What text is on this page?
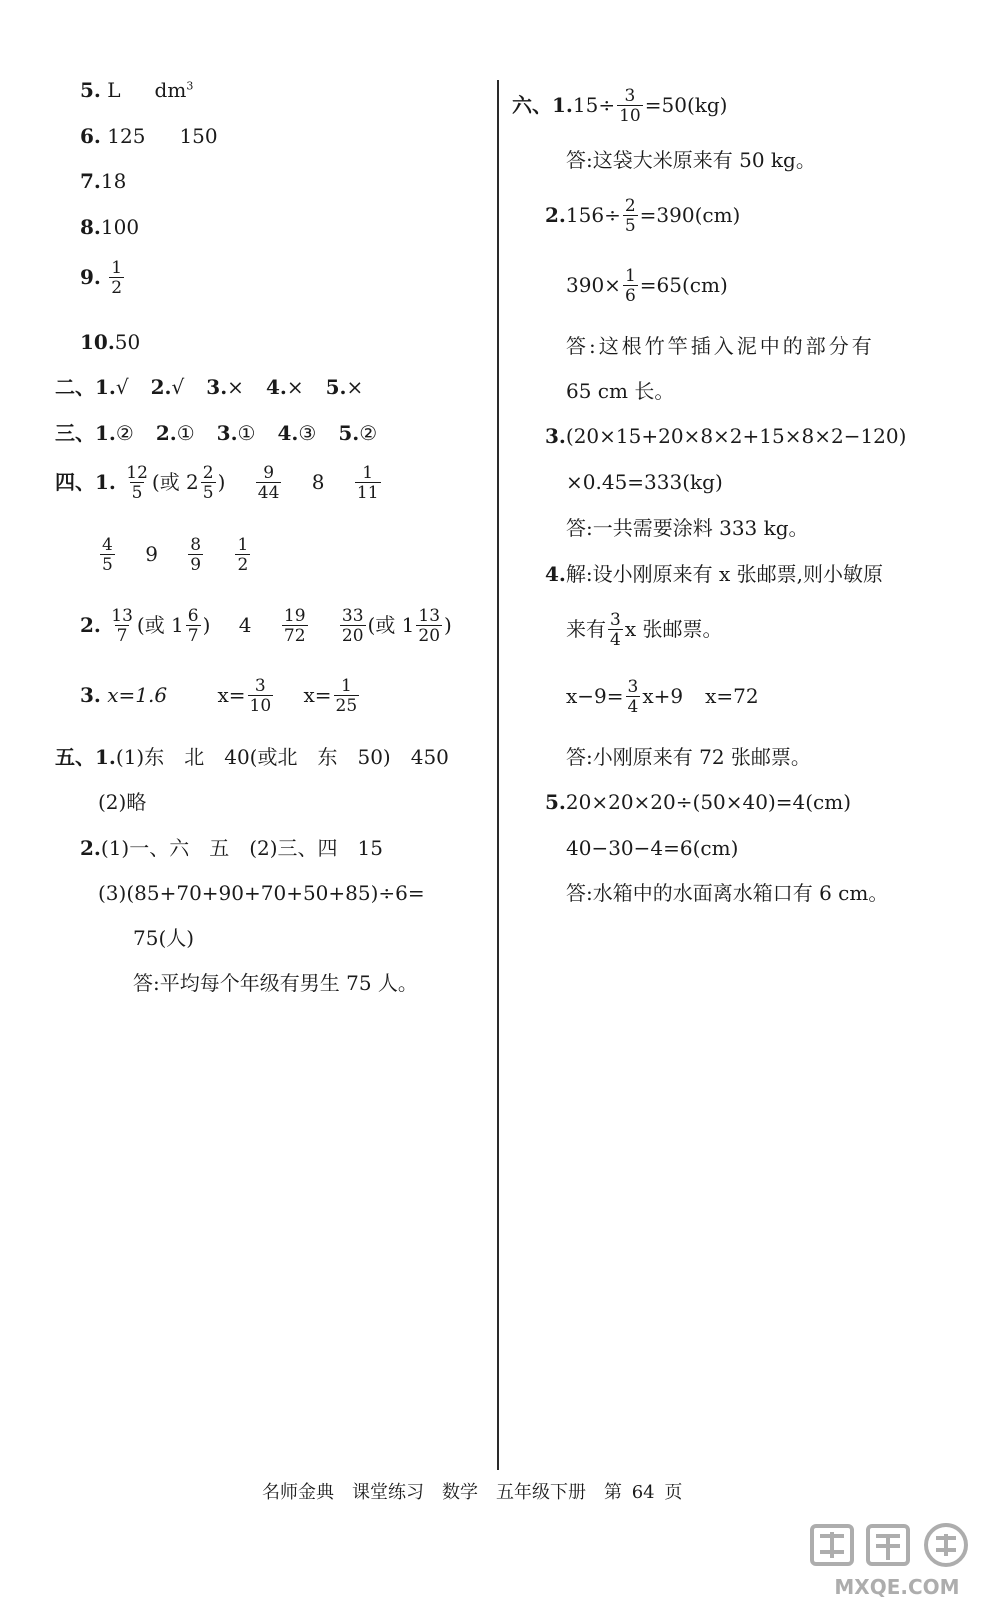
5. L $dm^3$
6. 125 150
7.18
8.100
9. $\frac{1}{2}$
10.50
二、1.√ 2.√ 3.× 4.× 5.×
三、1.② 2.① 3.① 4.③ 5.②
四、1. $\frac{12}{5}$ (或 $2 \frac{2}{5}$ ) $\frac{9}{44} 8 \frac{1}{11}$
$\frac{4}{5} 9 \frac{8}{9}$
$\frac{1}{2}$
2. $\frac{13}{7}$ (或 $1 \frac{6}{7}$ ) $4 \frac{19}{72}$
$\frac{33}{20}$ (或 $1 \frac{13}{20}$ )
3. x=1.6	$x= \frac{3}{10} x= \frac{1}{25}$
五、1.(1)东　北　40(或北　东　50)　450
(2)略
2.(1)一、六　五　(2)三、四　15
(3)(85+70+90+70+50+85)÷6=
75(人)
答:平均每个年级有男生 75 人。
六、$1.15\div \frac{3}{10} =50(kg)$
答:这袋大米原来有 50 kg。
$2.156\div \frac{2}{5} =390(cm)$
$390\times \frac{1}{6} =65(cm)$
答:这根竹竿插入泥中的部分有
65 cm 长。
3.(20×15+20×8×2+15×8×2−120)
×0.45=333(kg)
答:一共需要涂料 333 kg。
4.解:设小刚原来有 x 张邮票,则小敏原
来有 $\frac{3}{4}$ x 张邮票。
$x-9= \frac{3}{4} x+9$ x=72
答:小刚原来有 72 张邮票。
5.20×20×20÷(50×40)=4(cm)
40−30−4=6(cm)
答:水箱中的水面离水箱口有 6 cm。
名师金典　 课堂练习　 数学　 五年级下册　 第 64 页
MXQE.COM
